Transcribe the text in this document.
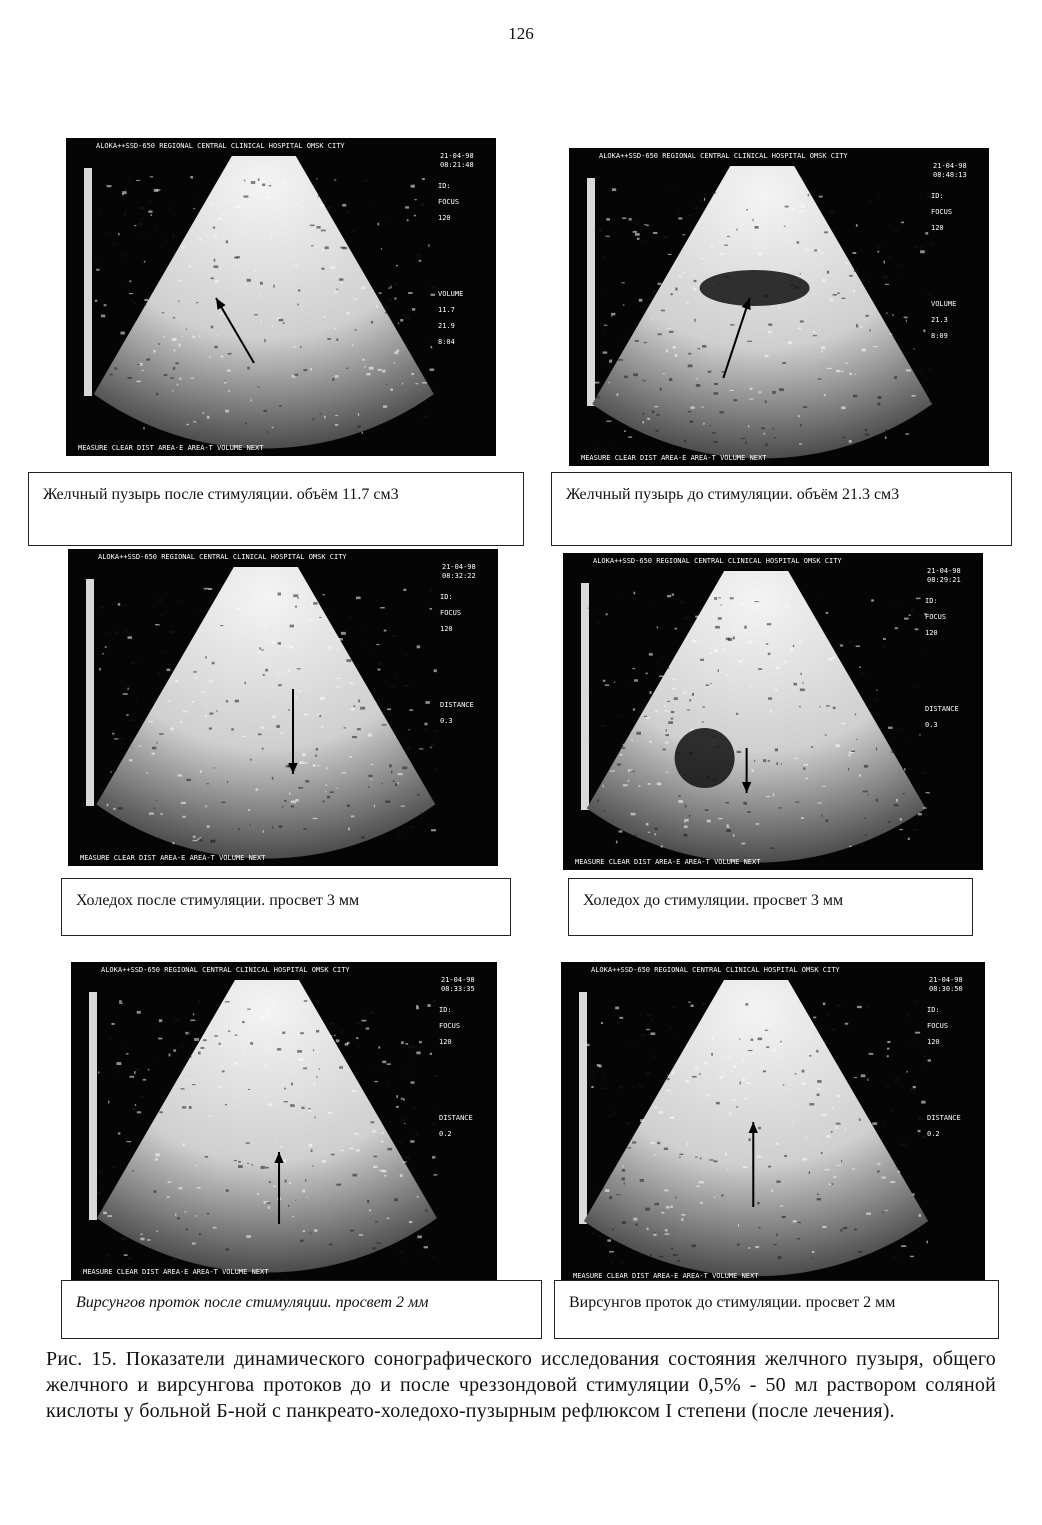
126
ALOKA++SSD-650 REGIONAL CENTRAL CLINICAL HOSPITAL OMSK CITY
21-04-98
08:21:48
ID:
FOCUS
120
VOLUME
11.7
21.9
8:04
MEASURE CLEAR DIST AREA-E AREA-T VOLUME NEXT
ALOKA++SSD-650 REGIONAL CENTRAL CLINICAL HOSPITAL OMSK CITY
21-04-98
08:48:13
ID:
FOCUS
120
VOLUME
21.3
8:09
MEASURE CLEAR DIST AREA-E AREA-T VOLUME NEXT
Желчный пузырь после стимуляции. объём 11.7 см3	Желчный пузырь до стимуляции. объём 21.3 см3
ALOKA++SSD-650 REGIONAL CENTRAL CLINICAL HOSPITAL OMSK CITY
21-04-98
08:32:22
ID:
FOCUS
120
DISTANCE
0.3
MEASURE CLEAR DIST AREA-E AREA-T VOLUME NEXT
ALOKA++SSD-650 REGIONAL CENTRAL CLINICAL HOSPITAL OMSK CITY
21-04-98
08:29:21
ID:
FOCUS
120
DISTANCE
0.3
MEASURE CLEAR DIST AREA-E AREA-T VOLUME NEXT
Холедох после стимуляции. просвет 3 мм	Холедох до стимуляции. просвет 3 мм
ALOKA++SSD-650 REGIONAL CENTRAL CLINICAL HOSPITAL OMSK CITY
21-04-98
08:33:35
ID:
FOCUS
120
DISTANCE
0.2
MEASURE CLEAR DIST AREA-E AREA-T VOLUME NEXT
ALOKA++SSD-650 REGIONAL CENTRAL CLINICAL HOSPITAL OMSK CITY
21-04-98
08:30:50
ID:
FOCUS
120
DISTANCE
0.2
MEASURE CLEAR DIST AREA-E AREA-T VOLUME NEXT
Вирсунгов проток после стимуляции. просвет 2 мм	Вирсунгов проток до стимуляции. просвет 2 мм
Рис. 15. Показатели динамического сонографического исследования состояния желчного пузыря, общего желчного и вирсунгова протоков до и после чреззондовой стимуляции 0,5% - 50 мл раствором соляной кислоты у больной Б-ной с панкреато-холедохо-пузырным рефлюксом I степени (после лечения).
